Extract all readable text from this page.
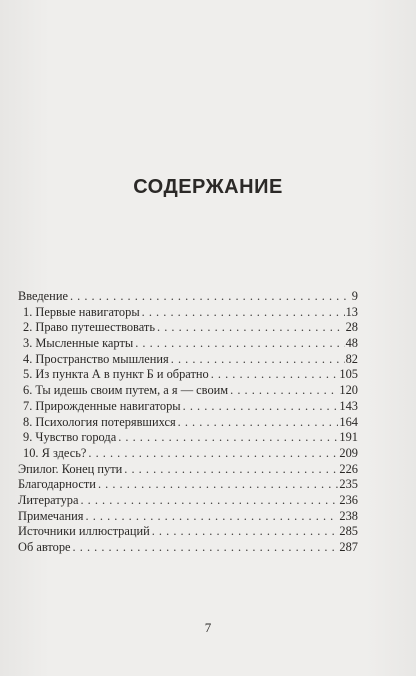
СОДЕРЖАНИЕ
Введение . . .	9
1. Первые навигаторы . . .	13
2. Право путешествовать . . .	28
3. Мысленные карты . . .	48
4. Пространство мышления . . .	82
5. Из пункта А в пункт Б и обратно . . .	105
6. Ты идешь своим путем, а я — своим . . .	120
7. Прирожденные навигаторы . . .	143
8. Психология потерявшихся . . .	164
9. Чувство города . . .	191
10. Я здесь? . . .	209
Эпилог. Конец пути . . .	226
Благодарности . . .	235
Литература . . .	236
Примечания . . .	238
Источники иллюстраций . . .	285
Об авторе . . .	287
7
